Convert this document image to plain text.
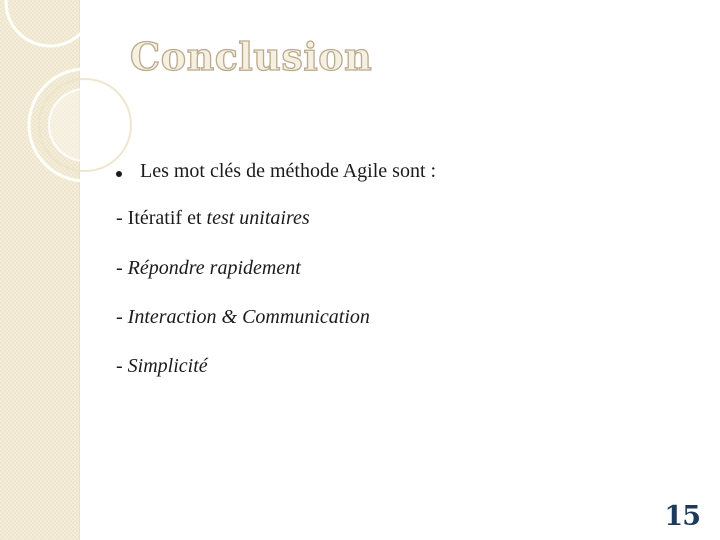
Conclusion
Les mot clés de méthode Agile sont :
- Itératif et test unitaires
- Répondre rapidement
- Interaction & Communication
- Simplicité
15
